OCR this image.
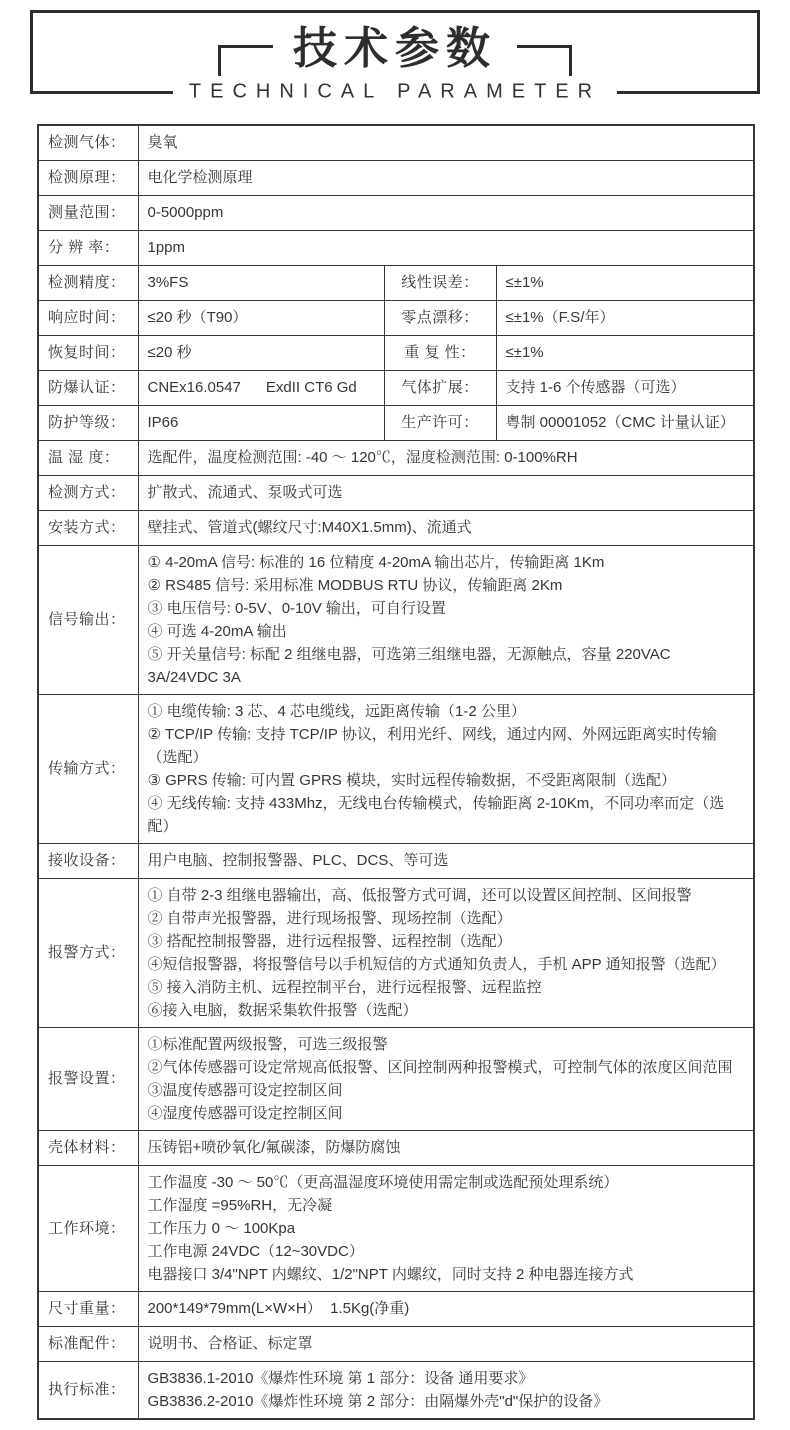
技术参数
TECHNICAL PARAMETER
检测气体：	臭氧		
检测原理：	电化学检测原理		
测量范围：	0-5000ppm		
分 辨 率：	1ppm		
检测精度：	3%FS	线性误差：	≤±1%
响应时间：	≤20 秒（T90）	零点漂移：	≤±1%（F.S/年）
恢复时间：	≤20 秒	重 复 性：	≤±1%
防爆认证：	CNEx16.0547      ExdII CT6 Gd	气体扩展：	支持 1-6 个传感器（可选）
防护等级：	IP66	生产许可：	粤制 00001052（CMC 计量认证）
温 湿 度：	选配件，温度检测范围: -40 ～ 120℃，湿度检测范围: 0-100%RH		
检测方式：	扩散式、流通式、泵吸式可选		
安装方式：	壁挂式、管道式(螺纹尺寸:M40X1.5mm)、流通式		
信号输出：	① 4-20mA 信号: 标准的 16 位精度 4-20mA 输出芯片，传输距离 1Km
② RS485 信号: 采用标准 MODBUS RTU 协议，传输距离 2Km
③ 电压信号: 0-5V、0-10V 输出，可自行设置
④ 可选 4-20mA 输出
⑤ 开关量信号: 标配 2 组继电器，可选第三组继电器，无源触点，容量 220VAC 3A/24VDC 3A		

传输方式：	① 电缆传输: 3 芯、4 芯电缆线，远距离传输（1-2 公里）
② TCP/IP 传输: 支持 TCP/IP 协议，利用光纤、网线，通过内网、外网远距离实时传输（选配）
③ GPRS 传输: 可内置 GPRS 模块，实时远程传输数据，不受距离限制（选配）
④ 无线传输: 支持 433Mhz，无线电台传输模式，传输距离 2-10Km，不同功率而定（选配）		

接收设备：	用户电脑、控制报警器、PLC、DCS、等可选		
报警方式：	
① 自带 2-3 组继电器输出，高、低报警方式可调，还可以设置区间控制、区间报警
② 自带声光报警器，进行现场报警、现场控制（选配）
③ 搭配控制报警器，进行远程报警、远程控制（选配）
④短信报警器，将报警信号以手机短信的方式通知负责人，手机 APP 通知报警（选配）
⑤ 接入消防主机、远程控制平台，进行远程报警、远程监控
⑥接入电脑，数据采集软件报警（选配）

报警设置：	①标准配置两级报警，可选三级报警
②气体传感器可设定常规高低报警、区间控制两种报警模式，可控制气体的浓度区间范围
③温度传感器可设定控制区间
④湿度传感器可设定控制区间		

壳体材料：	压铸铝+喷砂氧化/氟碳漆，防爆防腐蚀		
工作环境：	工作温度 -30 ～ 50℃（更高温湿度环境使用需定制或选配预处理系统）
工作湿度 =95%RH，无冷凝
工作压力 0 ～ 100Kpa
工作电源 24VDC（12~30VDC）
电器接口 3/4"NPT 内螺纹、1/2"NPT 内螺纹，同时支持 2 种电器连接方式		

尺寸重量：	200*149*79mm(L×W×H）  1.5Kg(净重)		
标准配件：	说明书、合格证、标定罩		
执行标准：	GB3836.1-2010《爆炸性环境 第 1 部分：设备 通用要求》
GB3836.2-2010《爆炸性环境 第 2 部分：由隔爆外壳"d"保护的设备》		
